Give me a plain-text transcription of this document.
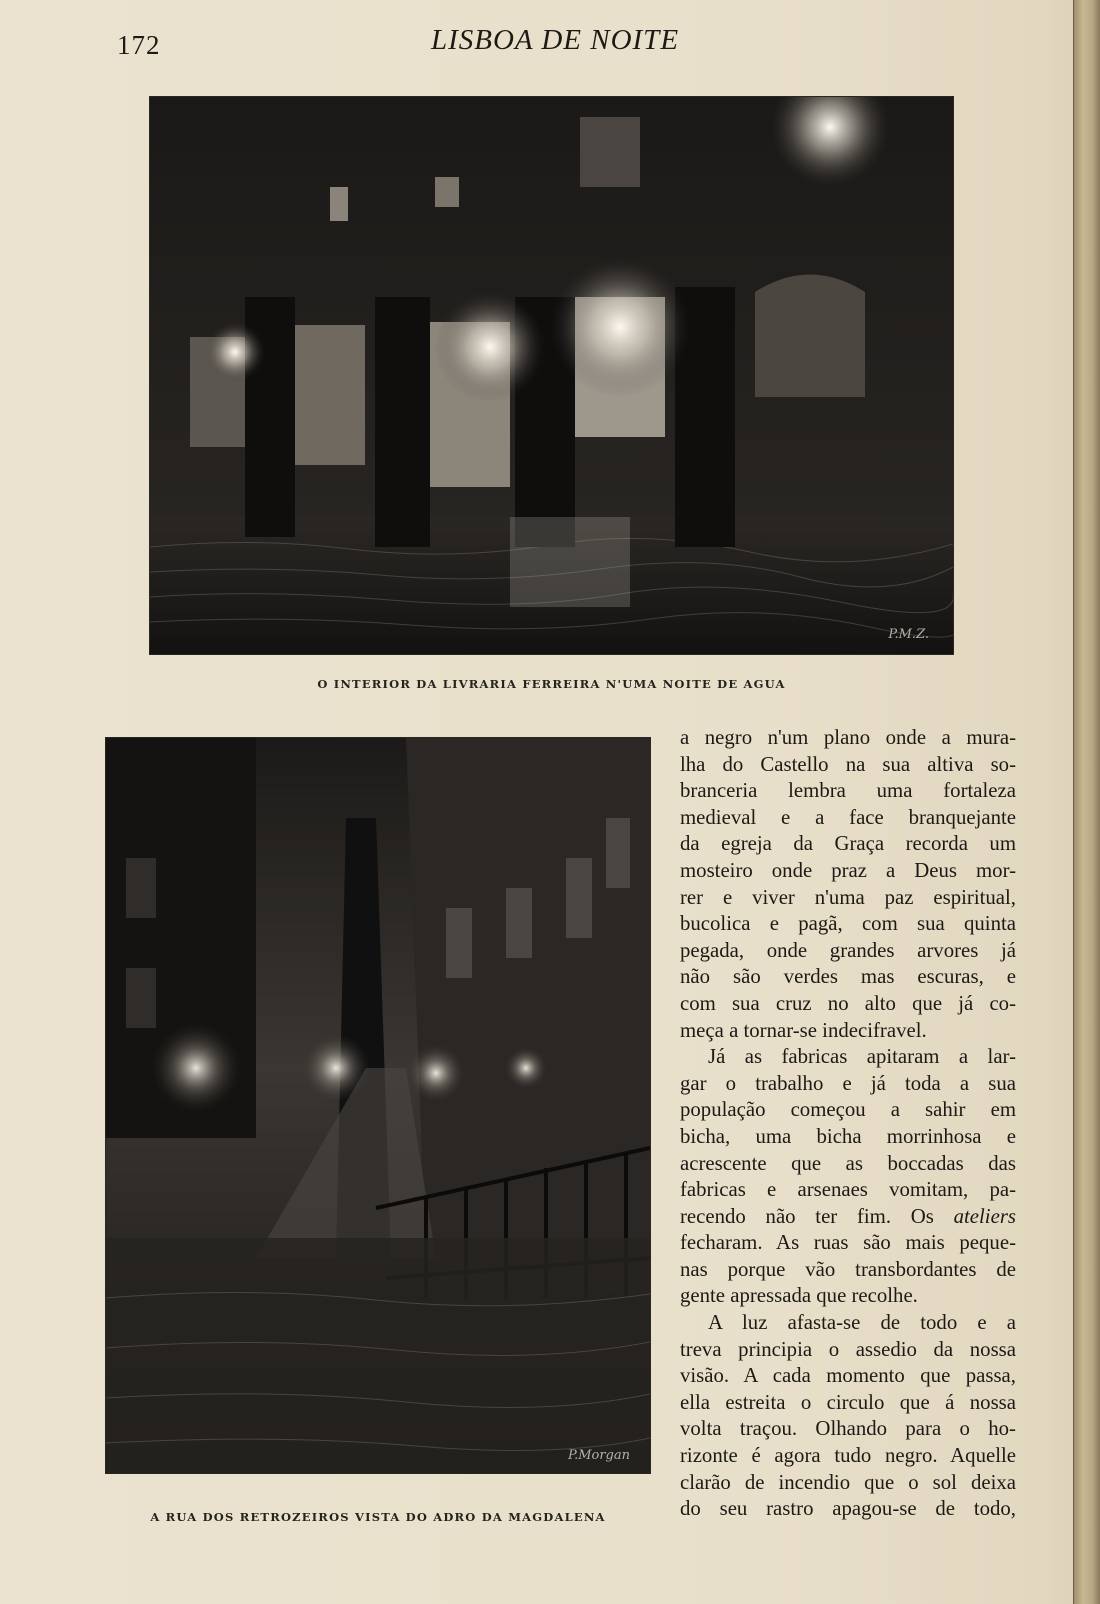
172	LISBOA DE NOITE
P.M.Z.
O INTERIOR DA LIVRARIA FERREIRA N'UMA NOITE DE AGUA
P.Morgan
A RUA DOS RETROZEIROS VISTA DO ADRO DA MAGDALENA

a negro n'um plano onde a mura-
lha do Castello na sua altiva so-
branceria lembra uma fortaleza
medieval e a face branquejante
da egreja da Graça recorda um
mosteiro onde praz a Deus mor-
rer e viver n'uma paz espiritual,
bucolica e pagã, com sua quinta
pegada, onde grandes arvores já
não são verdes mas escuras, e
com sua cruz no alto que já co-
meça a tornar-se indecifravel.

Já as fabricas apitaram a lar-
gar o trabalho e já toda a sua
população começou a sahir em
bicha, uma bicha morrinhosa e
acrescente que as boccadas das
fabricas e arsenaes vomitam, pa-
recendo não ter fim. Os ateliers
fecharam. As ruas são mais peque-
nas porque vão transbordantes de
gente apressada que recolhe.

A luz afasta-se de todo e a
treva principia o assedio da nossa
visão. A cada momento que passa,
ella estreita o circulo que á nossa
volta traçou. Olhando para o ho-
rizonte é agora tudo negro. Aquelle
clarão de incendio que o sol deixa
do seu rastro apagou-se de todo,
